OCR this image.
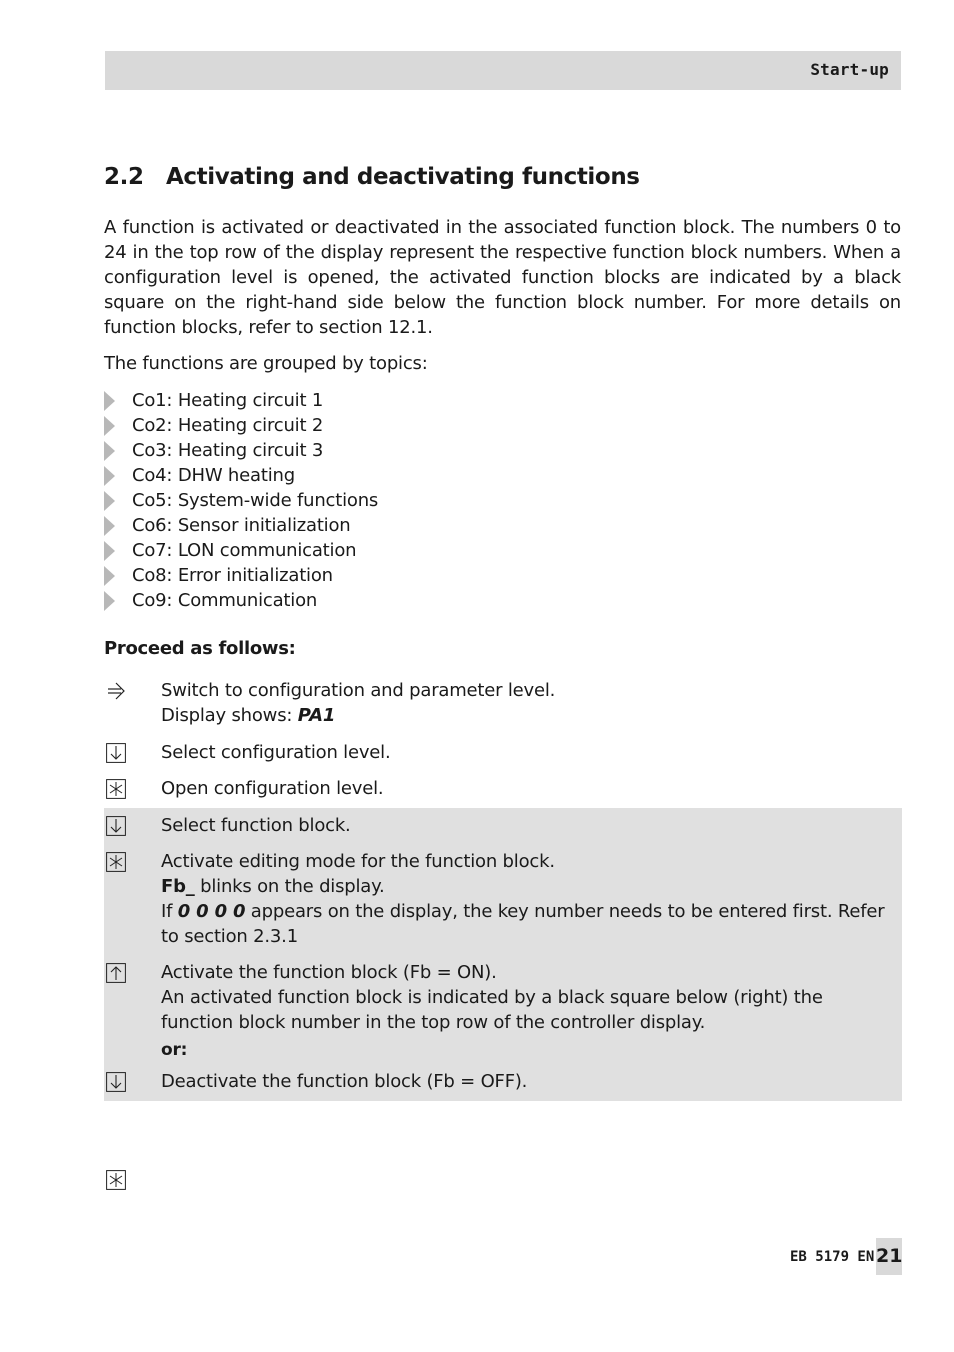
Start-up
2.2 Activating and deactivating functions

A function is activated or deactivated in the associated function block. The numbers 0 to 24 in the top row of the display represent the respective function block numbers. When a configuration level is opened, the activated function blocks are indicated by a black square on the right-hand side below the function block number. For more details on function blocks, refer to section 12.1.

The functions are grouped by topics:

Co1: Heating circuit 1
Co2: Heating circuit 2
Co3: Heating circuit 3
Co4: DHW heating
Co5: System-wide functions
Co6: Sensor initialization
Co7: LON communication
Co8: Error initialization
Co9: Communication

Proceed as follows:

Switch to configuration and parameter level.
Display shows: PA1
Select configuration level.
Open configuration level.
Select function block.
Activate editing mode for the function block.
Fb_ blinks on the display.
If 0 0 0 0 appears on the display, the key number needs to be entered first. Refer to section 2.3.1
Activate the function block (Fb = ON).
An activated function block is indicated by a black square below (right) the function block number in the top row of the controller display.
or:
Deactivate the function block (Fb = OFF).
EB 5179 EN 21
